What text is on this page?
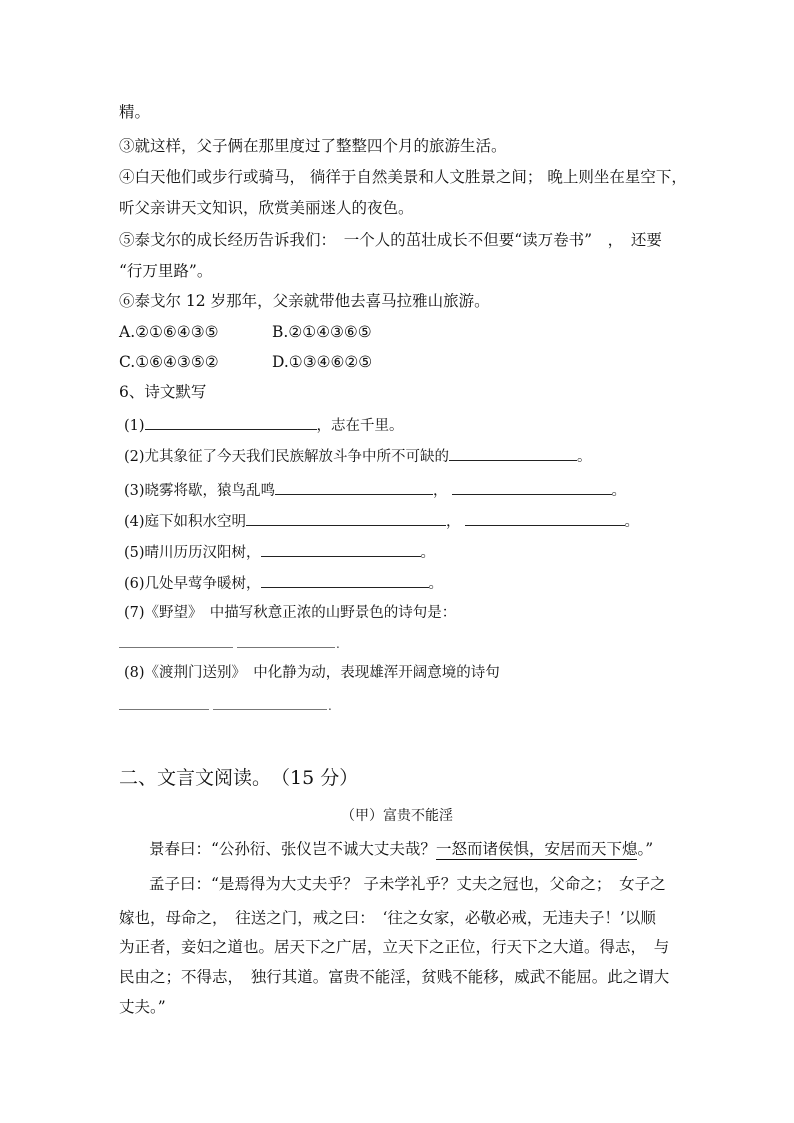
精。
③就这样，父子俩在那里度过了整整四个月的旅游生活。
④白天他们或步行或骑马， 徜徉于自然美景和人文胜景之间； 晚上则坐在星空下，
听父亲讲天文知识，欣赏美丽迷人的夜色。
⑤泰戈尔的成长经历告诉我们：　一个人的茁壮成长不但要“读万卷书”　，　还要
“行万里路”。
⑥泰戈尔 12 岁那年，父亲就带他去喜马拉雅山旅游。
A.②①⑥④③⑤	B.②①④③⑥⑤
C.①⑥④③⑤②	D.①③④⑥②⑤
6、诗文默写
(1)	，志在千里。
(2)尤其象征了今天我们民族解放斗争中所不可缺的	。
(3)晓雾将歇，猿鸟乱鸣	，	。
(4)庭下如积水空明	，	。
(5)晴川历历汉阳树，	。
(6)几处早莺争暖树，	。
(7)《野望》　中描写秋意正浓的山野景色的诗句是：
.
(8)《渡荆门送别》　中化静为动，表现雄浑开阔意境的诗句
.
二、文言文阅读。　（15 分）
（甲）富贵不能淫
景春曰：“公孙衍、张仪岂不诚大丈夫哉？一怒而诸侯惧，安居而天下熄。”
孟子曰：“是焉得为大丈夫乎？ 子未学礼乎？丈夫之冠也，父命之；　女子之
嫁也，母命之，　往送之门，戒之曰：　‘往之女家，必敬必戒，无违夫子！’以顺
为正者，妾妇之道也。居天下之广居，立天下之正位，行天下之大道。得志，　与
民由之；不得志，　独行其道。富贵不能淫，贫贱不能移，威武不能屈。此之谓大
丈夫。”
